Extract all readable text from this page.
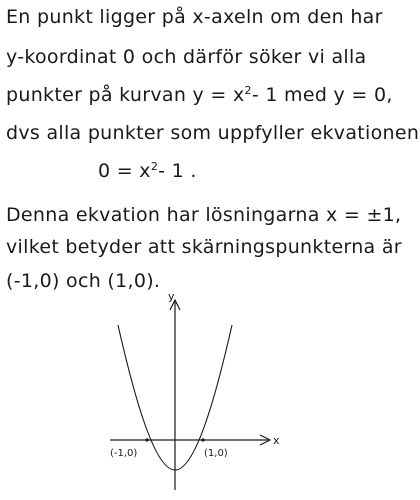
En punkt ligger på x-axeln om den har
y-koordinat 0 och därför söker vi alla
punkter på kurvan $y = x^2-$ 1 med y = 0,
dvs alla punkter som uppfyller ekvationen
$0 = x^2-$ 1 .
Denna ekvation har lösningarna x = ±1,
vilket betyder att skärningspunkterna är
(-1,0) och (1,0).
y
x
(-1,0)	(1,0)
